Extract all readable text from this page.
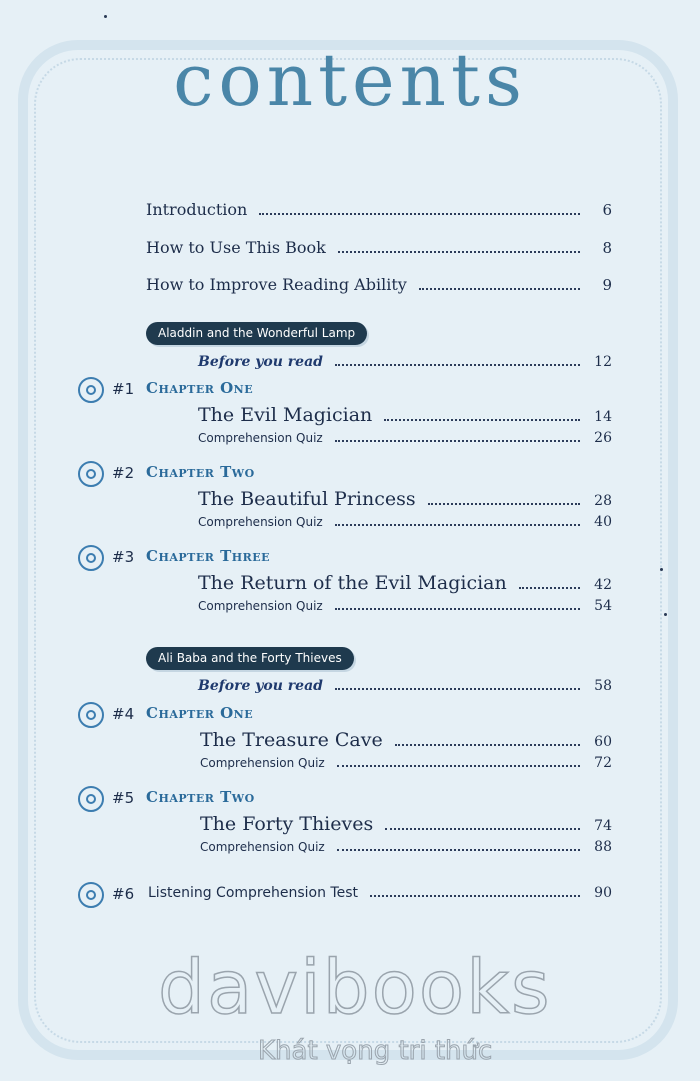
contents
Introduction	6
How to Use This Book	8
How to Improve Reading Ability	9
Aladdin and the Wonderful Lamp
Before you read	12
#1 Chapter One
The Evil Magician	14
Comprehension Quiz	26
#2 Chapter Two
The Beautiful Princess	28
Comprehension Quiz	40
#3 Chapter Three
The Return of the Evil Magician	42
Comprehension Quiz	54
Ali Baba and the Forty Thieves
Before you read	58
#4 Chapter One
The Treasure Cave	60
Comprehension Quiz	72
#5 Chapter Two
The Forty Thieves	74
Comprehension Quiz	88
#6 Listening Comprehension Test	90
davibooks
Khát vọng tri thức
